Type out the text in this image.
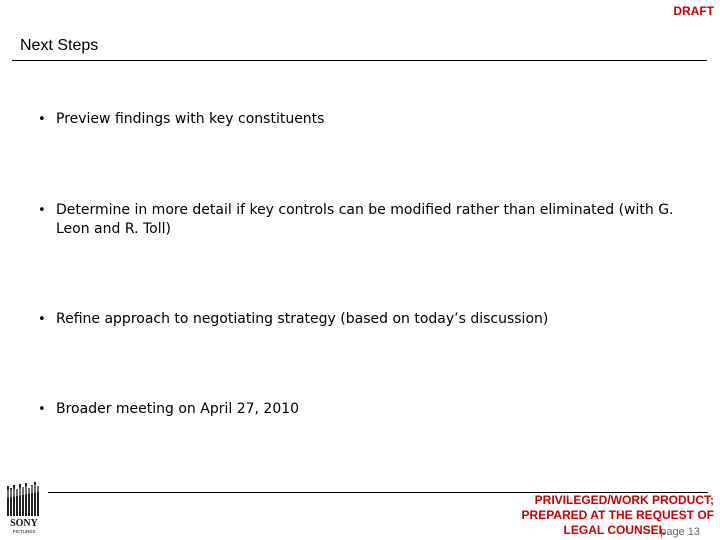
DRAFT
Next Steps
• Preview findings with key constituents
• Determine in more detail if key controls can be modified rather than eliminated (with G. Leon and R. Toll)
• Refine approach to negotiating strategy (based on today’s discussion)
• Broader meeting on April 27, 2010
SONY
PICTURES
PRIVILEGED/WORK PRODUCT;
PREPARED AT THE REQUEST OF
LEGAL COUNSEL
page 13
